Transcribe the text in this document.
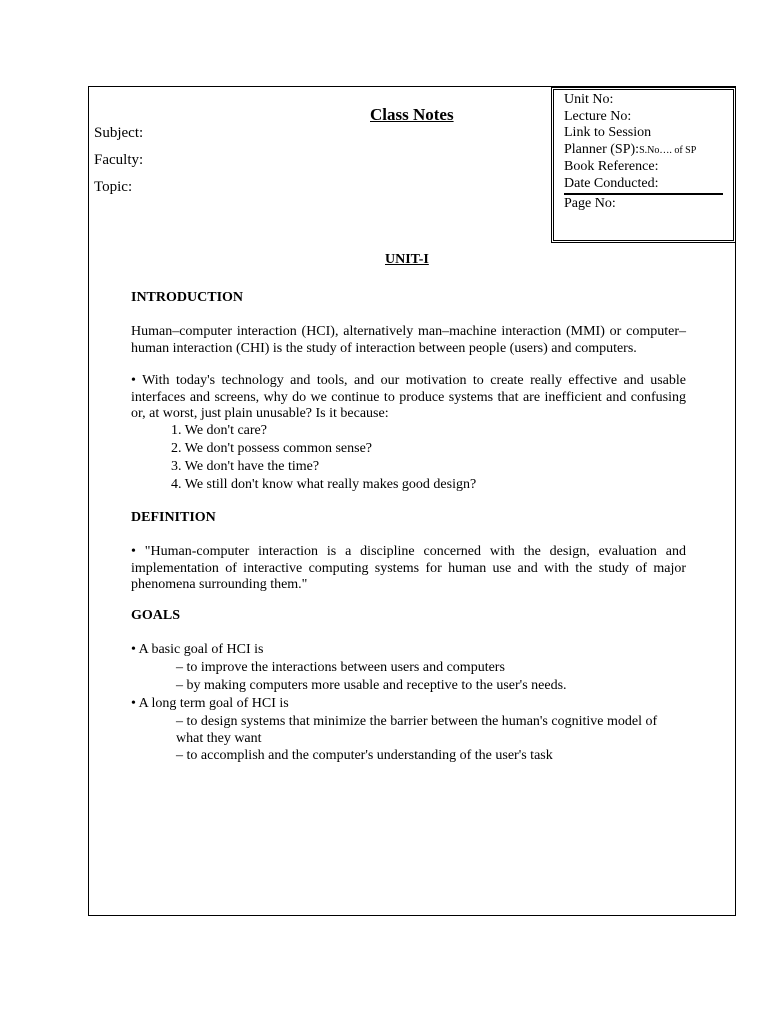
Class Notes
Subject:
Faculty:
Topic:
Unit No:
Lecture No:
Link to Session
Planner (SP):S.No…. of SP
Book Reference:
Date Conducted:
Page No:
UNIT-I
INTRODUCTION
Human–computer interaction (HCI), alternatively man–machine interaction (MMI) or computer–human interaction (CHI) is the study of interaction between people (users) and computers.
• With today's technology and tools, and our motivation to create really effective and usable interfaces and screens, why do we continue to produce systems that are inefficient and confusing or, at worst, just plain unusable? Is it because:
1. We don't care?
2. We don't possess common sense?
3. We don't have the time?
4. We still don't know what really makes good design?
DEFINITION
• "Human-computer interaction is a discipline concerned with the design, evaluation and implementation of interactive computing systems for human use and with the study of major phenomena surrounding them."
GOALS
• A basic goal of HCI is
– to improve the interactions between users and computers
– by making computers more usable and receptive to the user's needs.
• A long term goal of HCI is
– to design systems that minimize the barrier between the human's cognitive model of what they want
– to accomplish and the computer's understanding of the user's task
